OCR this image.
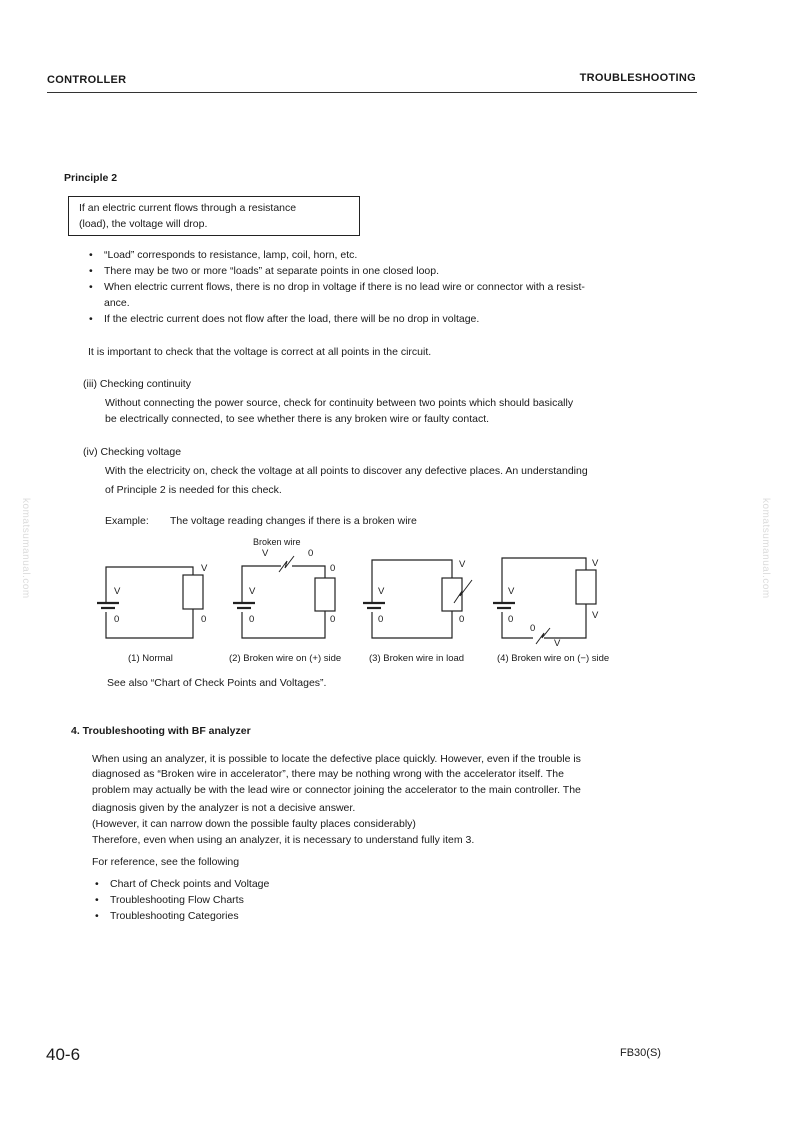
CONTROLLER	TROUBLESHOOTING
komatsumanual.com	komatsumanual.com
Principle 2
If an electric current flows through a resistance
(load), the voltage will drop.
• “Load” corresponds to resistance, lamp, coil, horn, etc.
• There may be two or more “loads” at separate points in one closed loop.
• When electric current flows, there is no drop in voltage if there is no lead wire or connector with a resist-
ance.
• If the electric current does not flow after the load, there will be no drop in voltage.
It is important to check that the voltage is correct at all points in the circuit.
(iii) Checking continuity
Without connecting the power source, check for continuity between two points which should basically
be electrically connected, to see whether there is any broken wire or faulty contact.
(iv) Checking voltage
With the electricity on, check the voltage at all points to discover any defective places. An understanding
of Principle 2 is needed for this check.
Example: The voltage reading changes if there is a broken wire
V
V
0	0
Broken wire
V	0
0
V
0	0
V
V
0	0
V
V
0	V
0
V
(1) Normal	(2) Broken wire on (+) side	(3) Broken wire in load	(4) Broken wire on (−) side
See also “Chart of Check Points and Voltages”.
4. Troubleshooting with BF analyzer
When using an analyzer, it is possible to locate the defective place quickly. However, even if the trouble is
diagnosed as “Broken wire in accelerator”, there may be nothing wrong with the accelerator itself. The
problem may actually be with the lead wire or connector joining the accelerator to the main controller. The
diagnosis given by the analyzer is not a decisive answer.
(However, it can narrow down the possible faulty places considerably)
Therefore, even when using an analyzer, it is necessary to understand fully item 3.
For reference, see the following
• Chart of Check points and Voltage
• Troubleshooting Flow Charts
• Troubleshooting Categories
40-6	FB30(S)
